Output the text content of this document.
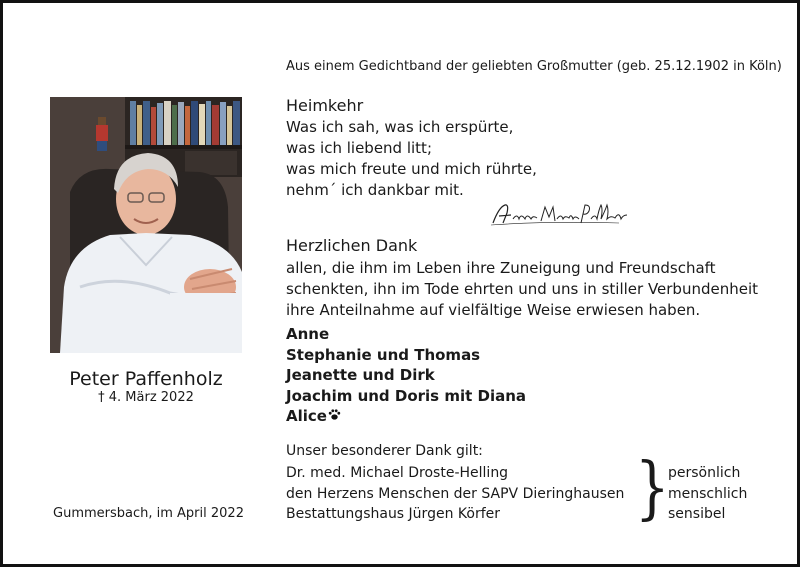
Peter Paffenholz
† 4. März 2022
Gummersbach, im April 2022
Aus einem Gedichtband der geliebten Großmutter (geb. 25.12.1902 in Köln)
Heimkehr
Was ich sah, was ich erspürte,
was ich liebend litt;
was mich freute und mich rührte,
nehm´ ich dankbar mit.
Herzlichen Dank
allen, die ihm im Leben ihre Zuneigung und Freundschaft
schenkten, ihn im Tode ehrten und uns in stiller Verbundenheit
ihre Anteilnahme auf vielfältige Weise erwiesen haben.
Anne
Stephanie und Thomas
Jeanette und Dirk
Joachim und Doris mit Diana
Alice
Unser besonderer Dank gilt:
Dr. med. Michael Droste-Helling
den Herzens Menschen der SAPV Dieringhausen
Bestattungshaus Jürgen Körfer	}
persönlich
menschlich
sensibel
